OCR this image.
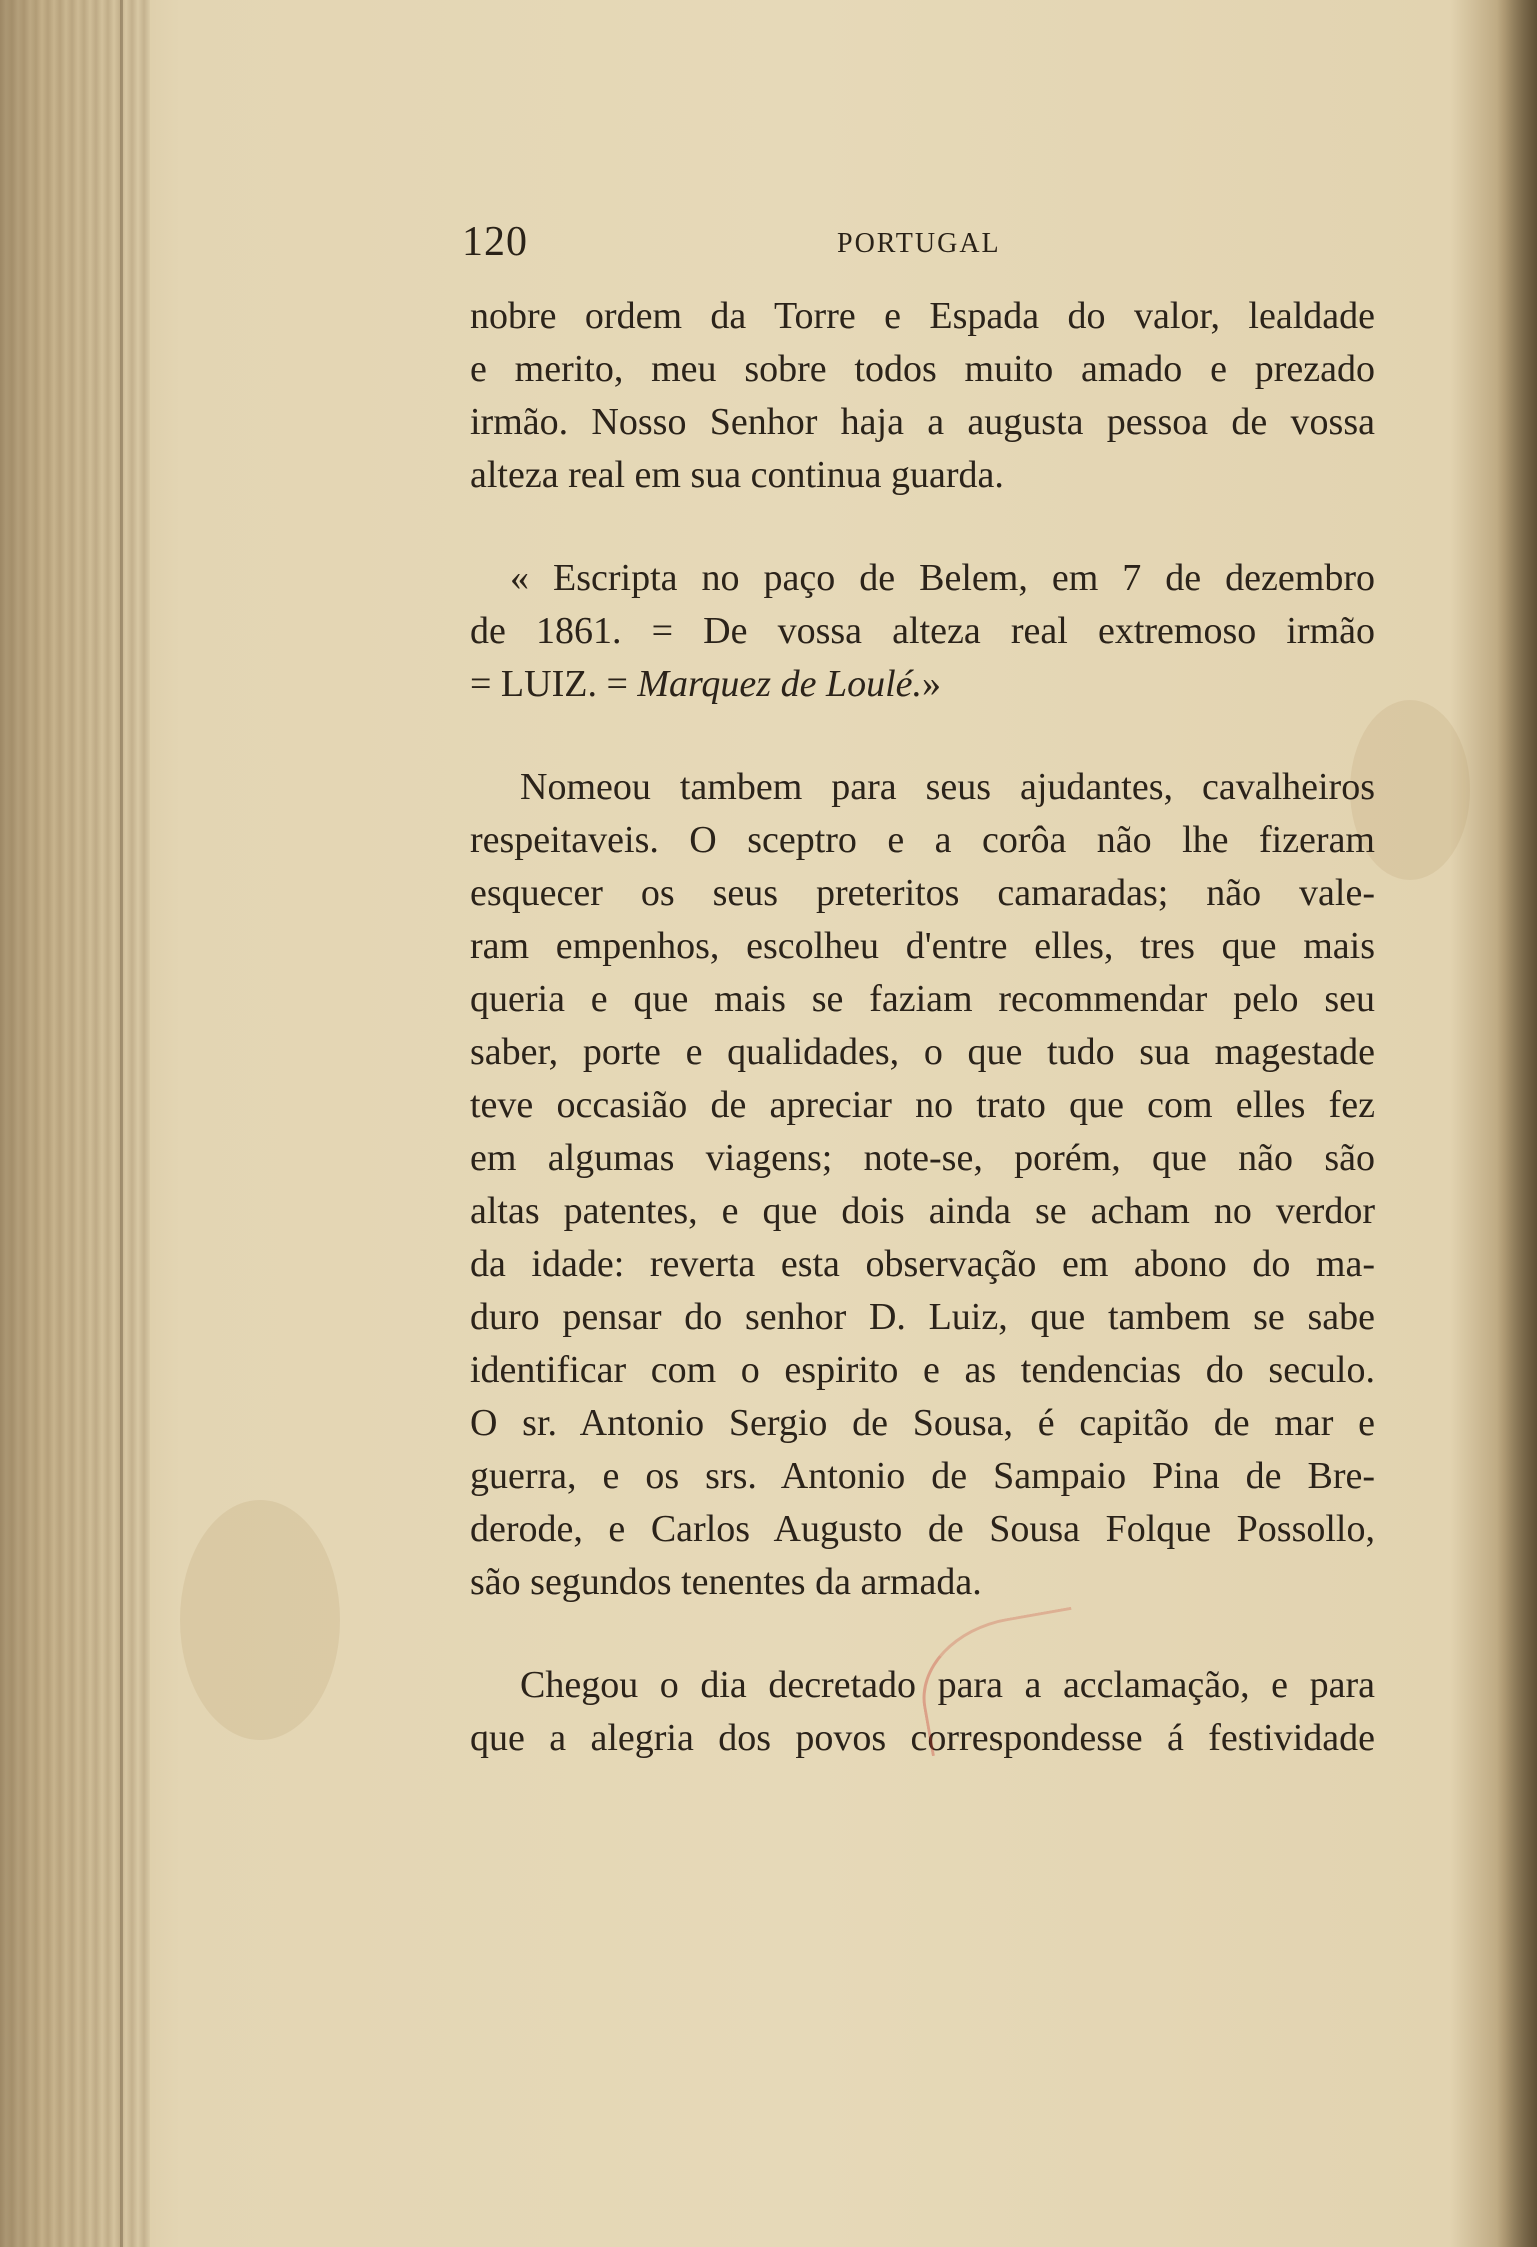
120	PORTUGAL
nobre ordem da Torre e Espada do valor, lealdade
e merito, meu sobre todos muito amado e prezado
irmão. Nosso Senhor haja a augusta pessoa de vossa
alteza real em sua continua guarda.
« Escripta no paço de Belem, em 7 de dezembro
de 1861. = De vossa alteza real extremoso irmão
= LUIZ. = Marquez de Loulé.»
Nomeou tambem para seus ajudantes, cavalheiros
respeitaveis. O sceptro e a corôa não lhe fizeram
esquecer os seus preteritos camaradas; não vale-
ram empenhos, escolheu d'entre elles, tres que mais
queria e que mais se faziam recommendar pelo seu
saber, porte e qualidades, o que tudo sua magestade
teve occasião de apreciar no trato que com elles fez
em algumas viagens; note-se, porém, que não são
altas patentes, e que dois ainda se acham no verdor
da idade: reverta esta observação em abono do ma-
duro pensar do senhor D. Luiz, que tambem se sabe
identificar com o espirito e as tendencias do seculo.
O sr. Antonio Sergio de Sousa, é capitão de mar e
guerra, e os srs. Antonio de Sampaio Pina de Bre-
derode, e Carlos Augusto de Sousa Folque Possollo,
são segundos tenentes da armada.
Chegou o dia decretado para a acclamação, e para
que a alegria dos povos correspondesse á festividade
